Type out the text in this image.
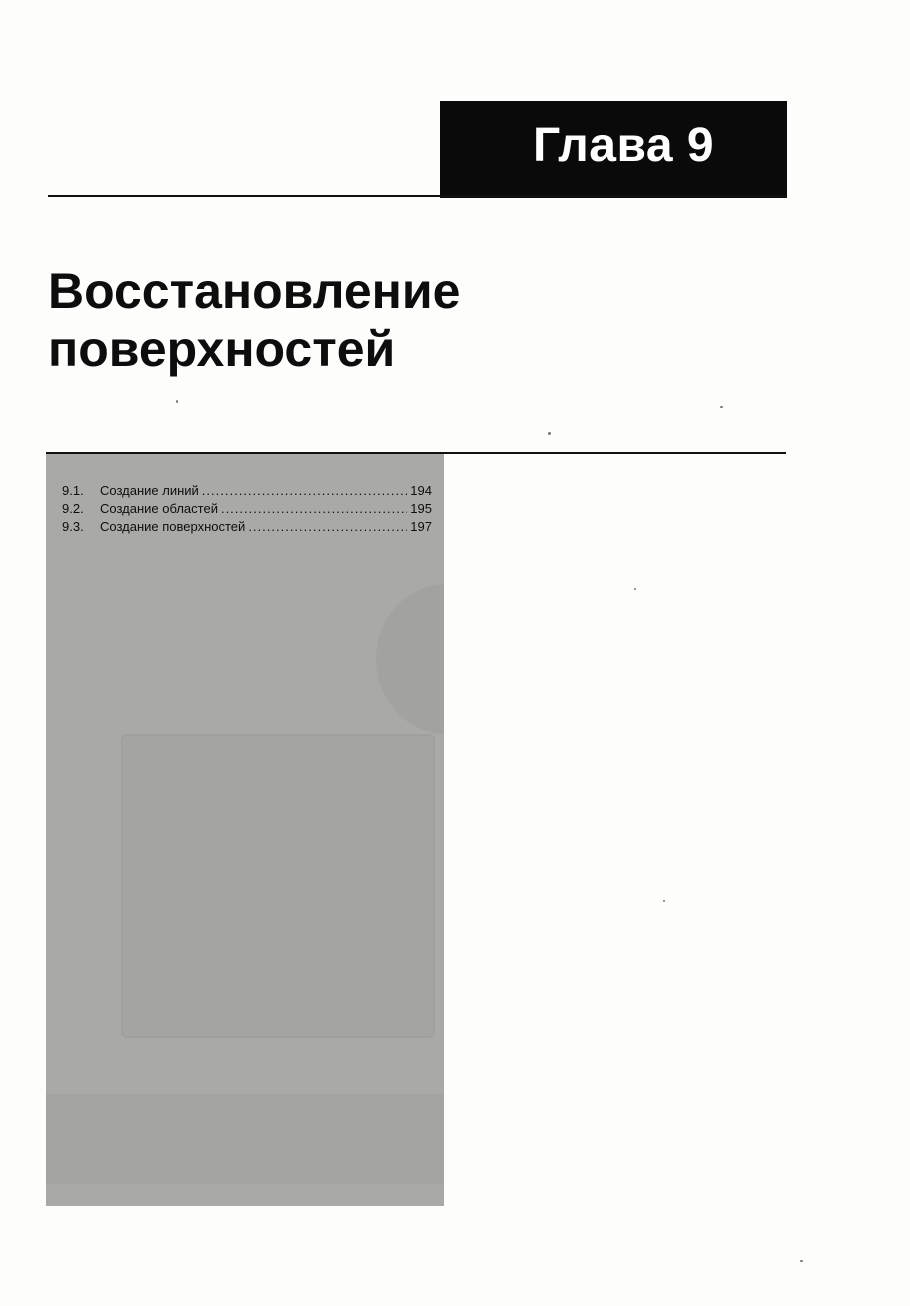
Глава 9
Восстановление
поверхностей
9.1.	Создание линий .....	194
9.2.	Создание областей .....	195
9.3.	Создание поверхностей .....	197
